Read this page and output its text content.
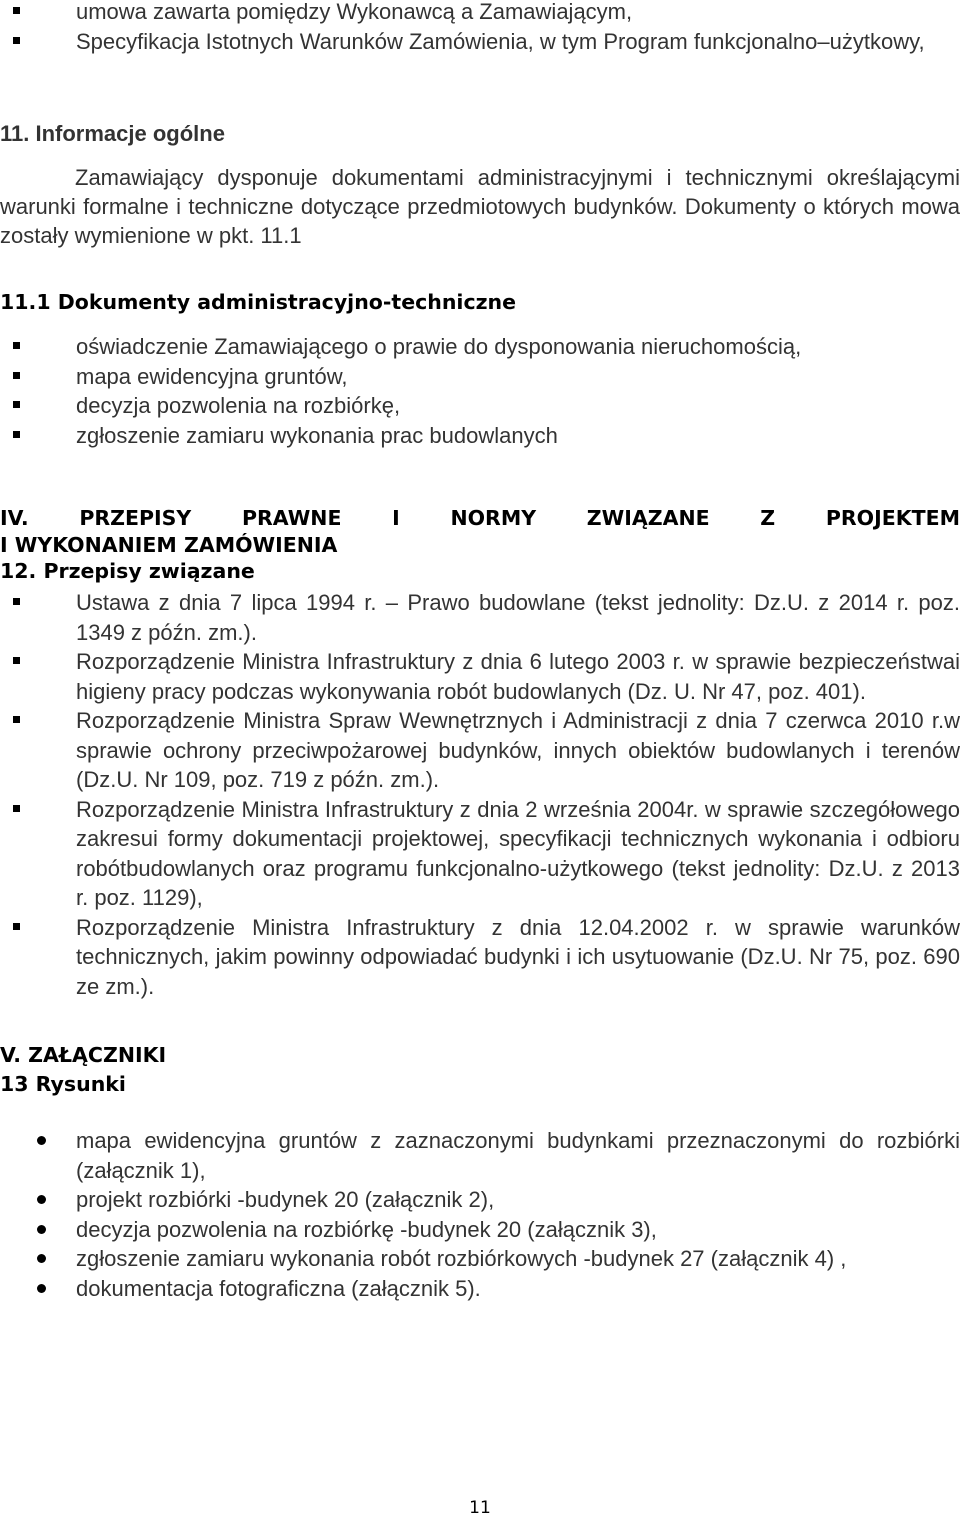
umowa zawarta pomiędzy Wykonawcą a Zamawiającym,
Specyfikacja Istotnych Warunków Zamówienia, w tym Program funkcjonalno–użytkowy,
11. Informacje ogólne
Zamawiający dysponuje dokumentami administracyjnymi i technicznymi określającymi warunki formalne i techniczne dotyczące przedmiotowych budynków. Dokumenty o których mowa zostały wymienione w pkt. 11.1
11.1 Dokumenty administracyjno-techniczne
oświadczenie Zamawiającego o prawie do dysponowania nieruchomością,
mapa ewidencyjna gruntów,
decyzja pozwolenia na rozbiórkę,
zgłoszenie zamiaru wykonania prac budowlanych
IV. PRZEPISY PRAWNE I NORMY ZWIĄZANE Z PROJEKTEM
I WYKONANIEM ZAMÓWIENIA
12. Przepisy związane
Ustawa z dnia 7 lipca 1994 r. – Prawo budowlane (tekst jednolity: Dz.U. z 2014 r. poz. 1349 z późn. zm.).
Rozporządzenie Ministra Infrastruktury z dnia 6 lutego 2003 r. w sprawie bezpieczeństwai higieny pracy podczas wykonywania robót budowlanych (Dz. U. Nr 47, poz. 401).
Rozporządzenie Ministra Spraw Wewnętrznych i Administracji z dnia 7 czerwca 2010 r.w sprawie ochrony przeciwpożarowej budynków, innych obiektów budowlanych i terenów (Dz.U. Nr 109, poz. 719 z późn. zm.).
Rozporządzenie Ministra Infrastruktury z dnia 2 września 2004r. w sprawie szczegółowego zakresui formy dokumentacji projektowej, specyfikacji technicznych wykonania i odbioru robótbudowlanych oraz programu funkcjonalno-użytkowego (tekst jednolity: Dz.U. z 2013 r. poz. 1129),
Rozporządzenie Ministra Infrastruktury z dnia 12.04.2002 r. w sprawie warunków technicznych, jakim powinny odpowiadać budynki i ich usytuowanie (Dz.U. Nr 75, poz. 690 ze zm.).
V. ZAŁĄCZNIKI
13 Rysunki
mapa ewidencyjna gruntów z zaznaczonymi budynkami przeznaczonymi do rozbiórki (załącznik 1),
projekt rozbiórki -budynek 20 (załącznik 2),
decyzja pozwolenia na rozbiórkę -budynek 20 (załącznik 3),
zgłoszenie zamiaru wykonania robót rozbiórkowych -budynek 27 (załącznik 4) ,
dokumentacja fotograficzna (załącznik 5).
11
